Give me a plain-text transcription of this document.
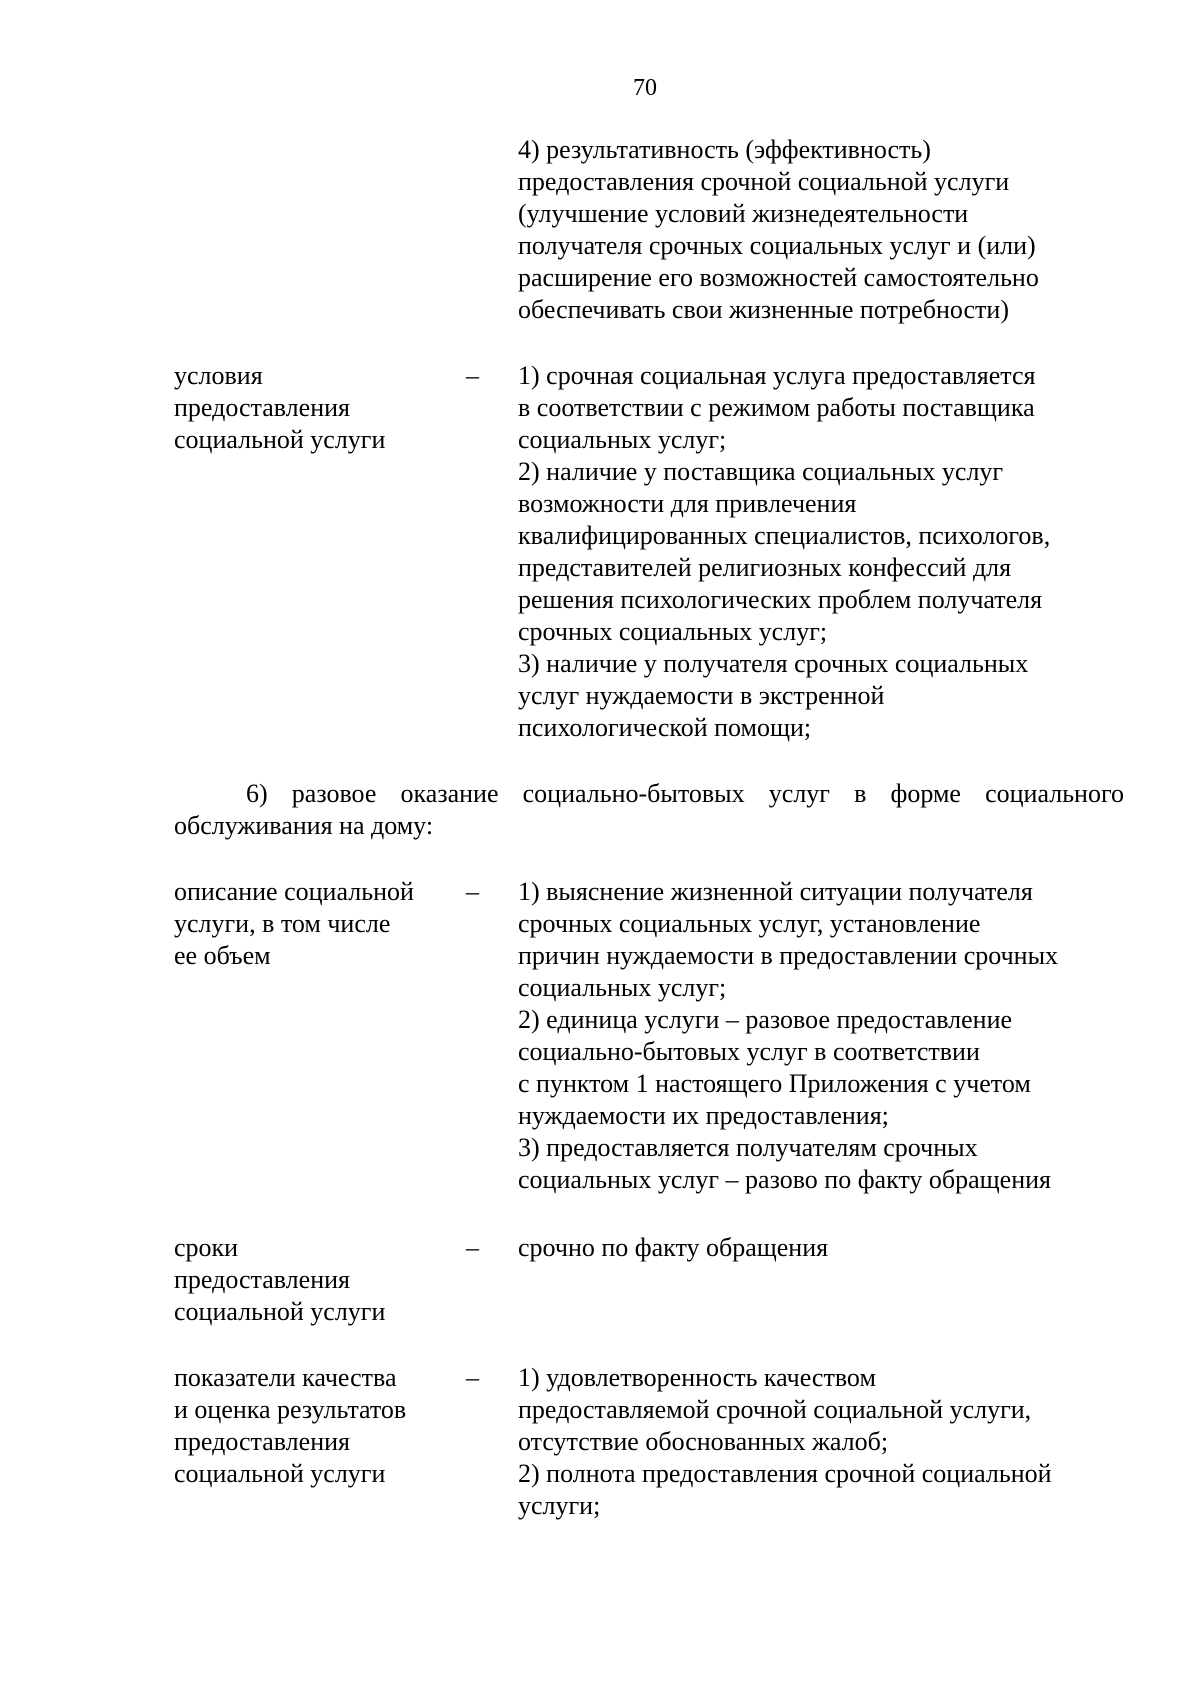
70
4) результативность (эффективность)
предоставления срочной социальной услуги
(улучшение условий жизнедеятельности
получателя срочных социальных услуг и (или)
расширение его возможностей самостоятельно
обеспечивать свои жизненные потребности)
условия
предоставления
социальной услуги
– 1) срочная социальная услуга предоставляется
в соответствии с режимом работы поставщика
социальных услуг;
2) наличие у поставщика социальных услуг
возможности для привлечения
квалифицированных специалистов, психологов,
представителей религиозных конфессий для
решения психологических проблем получателя
срочных социальных услуг;
3) наличие у получателя срочных социальных
услуг нуждаемости в экстренной
психологической помощи;
6) разовое оказание социально-бытовых услуг в форме социального
обслуживания на дому:
описание социальной
услуги, в том числе
ее объем
– 1) выяснение жизненной ситуации получателя
срочных социальных услуг, установление
причин нуждаемости в предоставлении срочных
социальных услуг;
2) единица услуги – разовое предоставление
социально-бытовых услуг в соответствии
с пунктом 1 настоящего Приложения с учетом
нуждаемости их предоставления;
3) предоставляется получателям срочных
социальных услуг – разово по факту обращения
сроки
предоставления
социальной услуги
– срочно по факту обращения
показатели качества
и оценка результатов
предоставления
социальной услуги
– 1) удовлетворенность качеством
предоставляемой срочной социальной услуги,
отсутствие обоснованных жалоб;
2) полнота предоставления срочной социальной
услуги;
